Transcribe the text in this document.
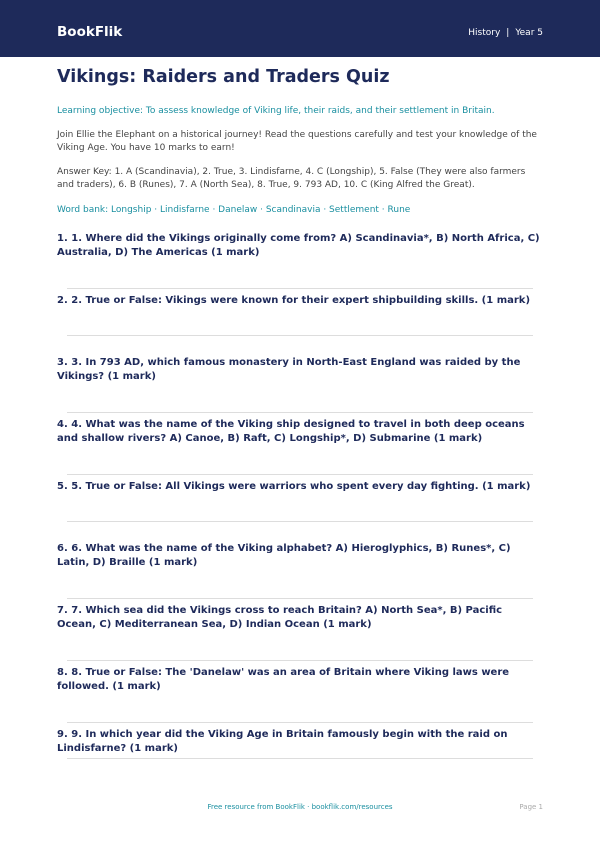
BookFlik	History | Year 5
Vikings: Raiders and Traders Quiz

Learning objective: To assess knowledge of Viking life, their raids, and their settlement in Britain.

Join Ellie the Elephant on a historical journey! Read the questions carefully and test your knowledge of the Viking Age. You have 10 marks to earn!

Answer Key: 1. A (Scandinavia), 2. True, 3. Lindisfarne, 4. C (Longship), 5. False (They were also farmers and traders), 6. B (Runes), 7. A (North Sea), 8. True, 9. 793 AD, 10. C (King Alfred the Great).

Word bank: Longship · Lindisfarne · Danelaw · Scandinavia · Settlement · Rune

1. 1. Where did the Vikings originally come from? A) Scandinavia*, B) North Africa, C) Australia, D) The Americas (1 mark)
2. 2. True or False: Vikings were known for their expert shipbuilding skills. (1 mark)
3. 3. In 793 AD, which famous monastery in North-East England was raided by the Vikings? (1 mark)
4. 4. What was the name of the Viking ship designed to travel in both deep oceans and shallow rivers? A) Canoe, B) Raft, C) Longship*, D) Submarine (1 mark)
5. 5. True or False: All Vikings were warriors who spent every day fighting. (1 mark)
6. 6. What was the name of the Viking alphabet? A) Hieroglyphics, B) Runes*, C) Latin, D) Braille (1 mark)
7. 7. Which sea did the Vikings cross to reach Britain? A) North Sea*, B) Pacific Ocean, C) Mediterranean Sea, D) Indian Ocean (1 mark)
8. 8. True or False: The 'Danelaw' was an area of Britain where Viking laws were followed. (1 mark)
9. 9. In which year did the Viking Age in Britain famously begin with the raid on Lindisfarne? (1 mark)
Free resource from BookFlik · bookflik.com/resources	Page 1
